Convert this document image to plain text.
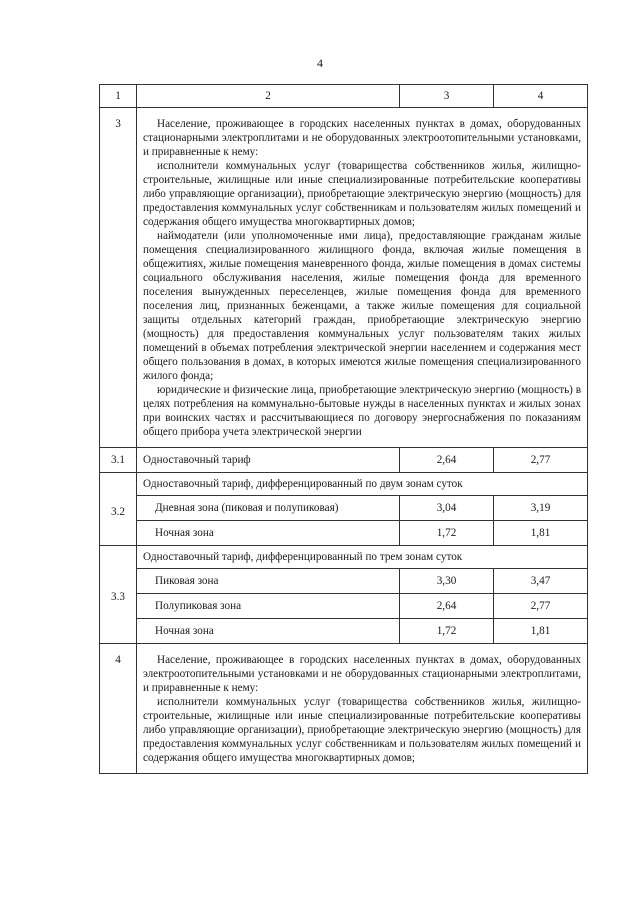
4
1	2	3	4
3	Население, проживающее в городских населенных пунктах в домах, оборудованных стационарными электроплитами и не оборудованных электроотопительными установками, и приравненные к нему:

исполнители коммунальных услуг (товарищества собственников жилья, жилищно-строительные, жилищные или иные специализированные потребительские кооперативы либо управляющие организации), приобретающие электрическую энергию (мощность) для предоставления коммунальных услуг собственникам и пользователям жилых помещений и содержания общего имущества многоквартирных домов;

наймодатели (или уполномоченные ими лица), предоставляющие гражданам жилые помещения специализированного жилищного фонда, включая жилые помещения в общежитиях, жилые помещения маневренного фонда, жилые помещения в домах системы социального обслуживания населения, жилые помещения фонда для временного поселения вынужденных переселенцев, жилые помещения фонда для временного поселения лиц, признанных беженцами, а также жилые помещения для социальной защиты отдельных категорий граждан, приобретающие электрическую энергию (мощность) для предоставления коммунальных услуг пользователям таких жилых помещений в объемах потребления электрической энергии населением и содержания мест общего пользования в домах, в которых имеются жилые помещения специализированного жилого фонда;

юридические и физические лица, приобретающие электрическую энергию (мощность) в целях потребления на коммунально-бытовые нужды в населенных пунктах и жилых зонах при воинских частях и рассчитывающиеся по договору энергоснабжения по показаниям общего прибора учета электрической энергии		

3.1	Одноставочный тариф	2,64	2,77
3.2	Одноставочный тариф, дифференцированный по двум зонам суток		
	Дневная зона (пиковая и полупиковая)	3,04	3,19
	Ночная зона	1,72	1,81
3.3	Одноставочный тариф, дифференцированный по трем зонам суток		
	Пиковая зона	3,30	3,47
	Полупиковая зона	2,64	2,77
	Ночная зона	1,72	1,81
4	Население, проживающее в городских населенных пунктах в домах, оборудованных электроотопительными установками и не оборудованных стационарными электроплитами, и приравненные к нему:

исполнители коммунальных услуг (товарищества собственников жилья, жилищно-строительные, жилищные или иные специализированные потребительские кооперативы либо управляющие организации), приобретающие электрическую энергию (мощность) для предоставления коммунальных услуг собственникам и пользователям жилых помещений и содержания общего имущества многоквартирных домов;		
